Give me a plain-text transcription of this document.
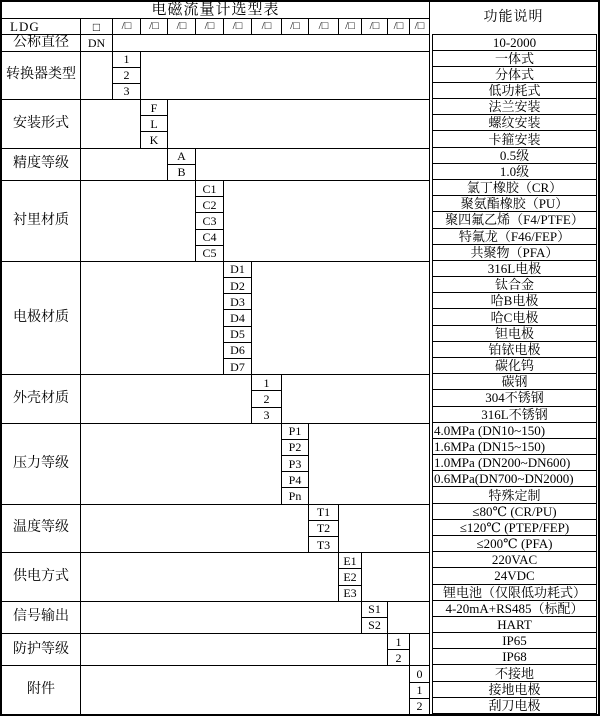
电磁流量计选型表
功能说明
LDG	□	/□	/□	/□	/□	/□	/□	/□	/□	/□	/□	/□	/□
公称直径	DN	10-2000
转换器类型
1	一体式
2	分体式
3	低功耗式
安装形式
F	法兰安装
L	螺纹安装
K	卡箍安装
精度等级
A	0.5级
B	1.0级
衬里材质
C1	氯丁橡胶（CR）
C2	聚氨酯橡胶（PU）
C3	聚四氟乙烯（F4/PTFE）
C4	特氟龙（F46/FEP）
C5	共聚物（PFA）
电极材质
D1	316L电极
D2	钛合金
D3	哈B电极
D4	哈C电极
D5	钽电极
D6	铂铱电极
D7	碳化钨
外壳材质
1	碳钢
2	304不锈钢
3	316L不锈钢
压力等级
P1	4.0MPa (DN10~150)
P2	1.6MPa (DN15~150)
P3	1.0MPa (DN200~DN600)
P4	0.6MPa(DN700~DN2000)
Pn	特殊定制
温度等级
T1	≤80℃ (CR/PU)
T2	≤120℃ (PTEP/FEP)
T3	≤200℃ (PFA)
供电方式
E1	220VAC
E2	24VDC
E3	锂电池（仅限低功耗式）
信号输出
S1	4-20mA+RS485（标配）
S2	HART
防护等级
1	IP65
2	IP68
附件
0	不接地
1	接地电极
2	刮刀电极
